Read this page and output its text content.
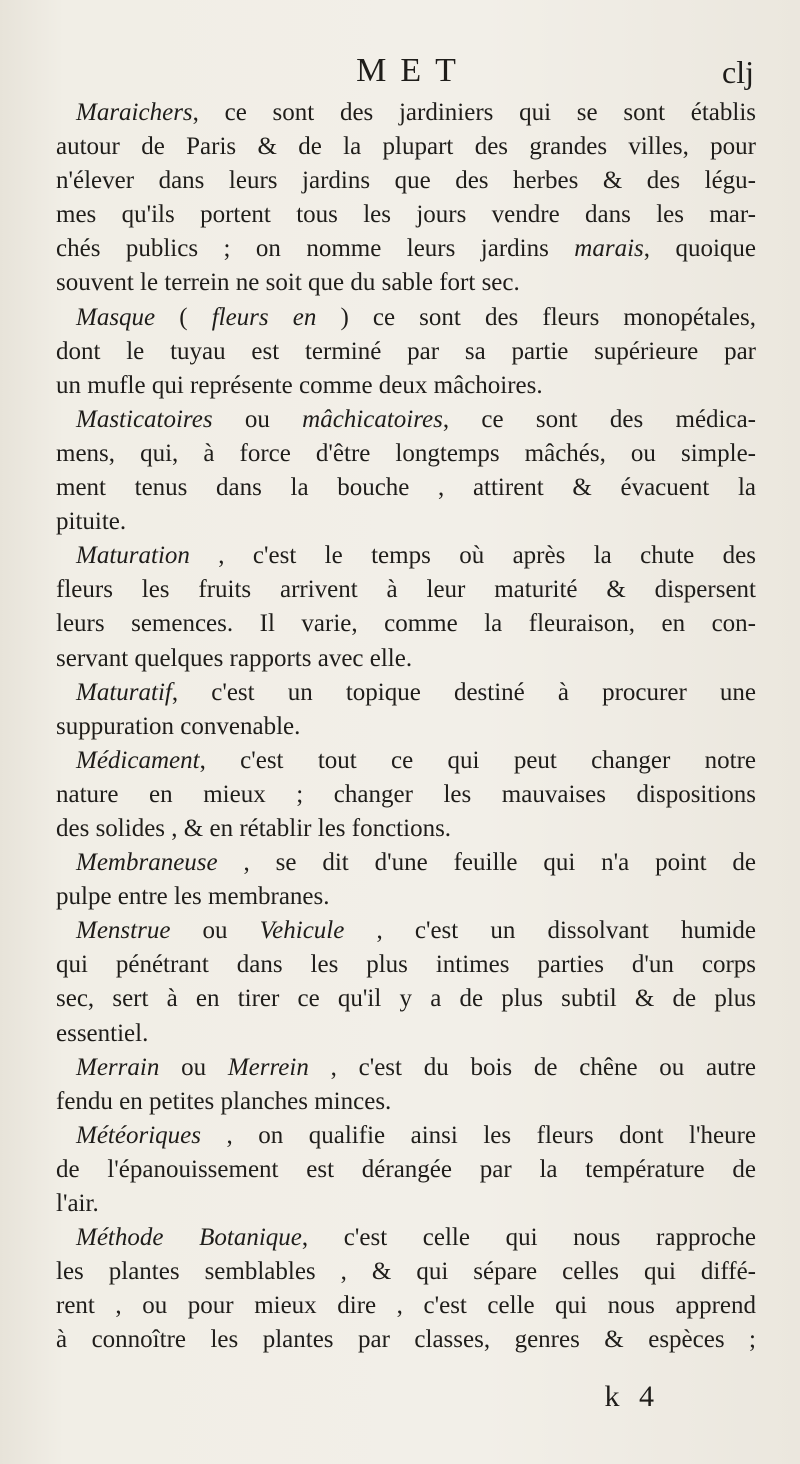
MET	clj
Maraichers, ce sont des jardiniers qui se sont établis
autour de Paris & de la plupart des grandes villes, pour
n'élever dans leurs jardins que des herbes & des légu-
mes qu'ils portent tous les jours vendre dans les mar-
chés publics ; on nomme leurs jardins marais, quoique
souvent le terrein ne soit que du sable fort sec.
Masque ( fleurs en ) ce sont des fleurs monopétales,
dont le tuyau est terminé par sa partie supérieure par
un mufle qui représente comme deux mâchoires.
Masticatoires ou mâchicatoires, ce sont des médica-
mens, qui, à force d'être longtemps mâchés, ou simple-
ment tenus dans la bouche , attirent & évacuent la
pituite.
Maturation , c'est le temps où après la chute des
fleurs les fruits arrivent à leur maturité & dispersent
leurs semences. Il varie, comme la fleuraison, en con-
servant quelques rapports avec elle.
Maturatif, c'est un topique destiné à procurer une
suppuration convenable.
Médicament, c'est tout ce qui peut changer notre
nature en mieux ; changer les mauvaises dispositions
des solides , & en rétablir les fonctions.
Membraneuse , se dit d'une feuille qui n'a point de
pulpe entre les membranes.
Menstrue ou Vehicule , c'est un dissolvant humide
qui pénétrant dans les plus intimes parties d'un corps
sec, sert à en tirer ce qu'il y a de plus subtil & de plus
essentiel.
Merrain ou Merrein , c'est du bois de chêne ou autre
fendu en petites planches minces.
Météoriques , on qualifie ainsi les fleurs dont l'heure
de l'épanouissement est dérangée par la température de
l'air.
Méthode Botanique, c'est celle qui nous rapproche
les plantes semblables , & qui sépare celles qui diffé-
rent , ou pour mieux dire , c'est celle qui nous apprend
à connoître les plantes par classes, genres & espèces ;
k 4
